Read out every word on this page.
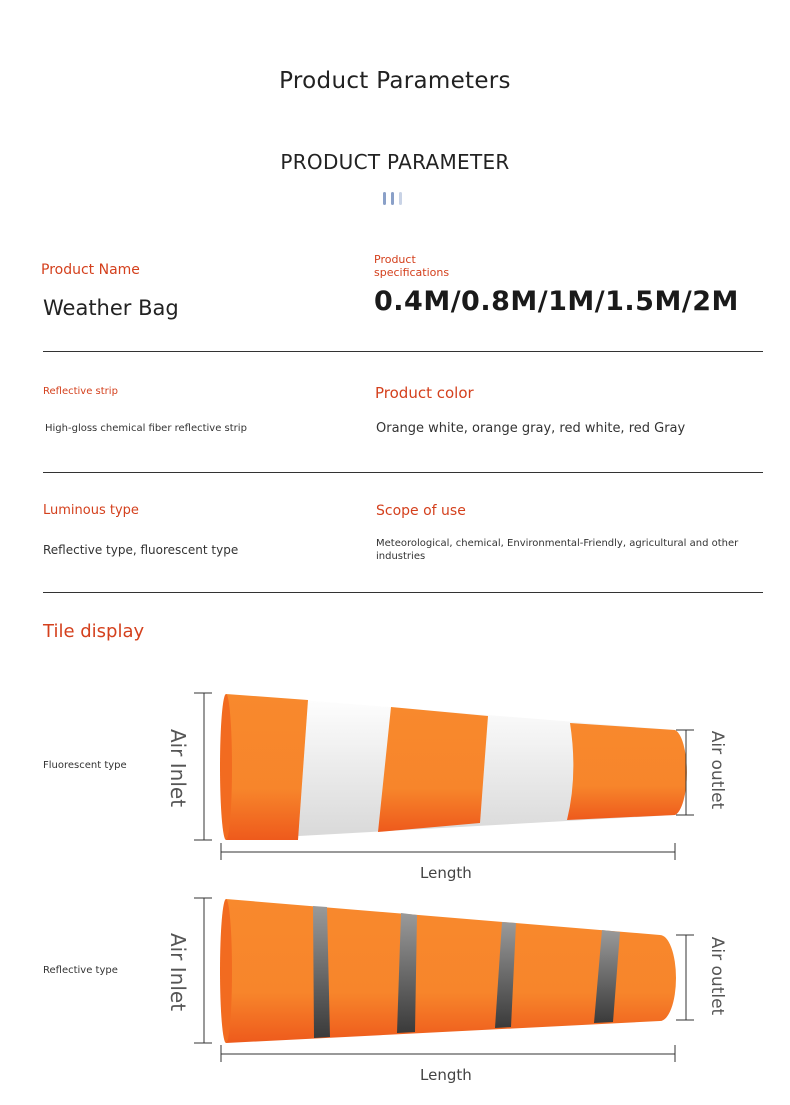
Product Parameters
PRODUCT PARAMETER
Product Name
Weather Bag
Product
specifications
0.4M/0.8M/1M/1.5M/2M
Reflective strip
High-gloss chemical fiber reflective strip
Product color
Orange white, orange gray, red white, red Gray
Luminous type
Reflective type, fluorescent type
Scope of use
Meteorological, chemical, Environmental-Friendly, agricultural and other industries
Tile display
Fluorescent type Air Inlet	Air outlet
Length
Reflective type Air Inlet	Air outlet
Length
